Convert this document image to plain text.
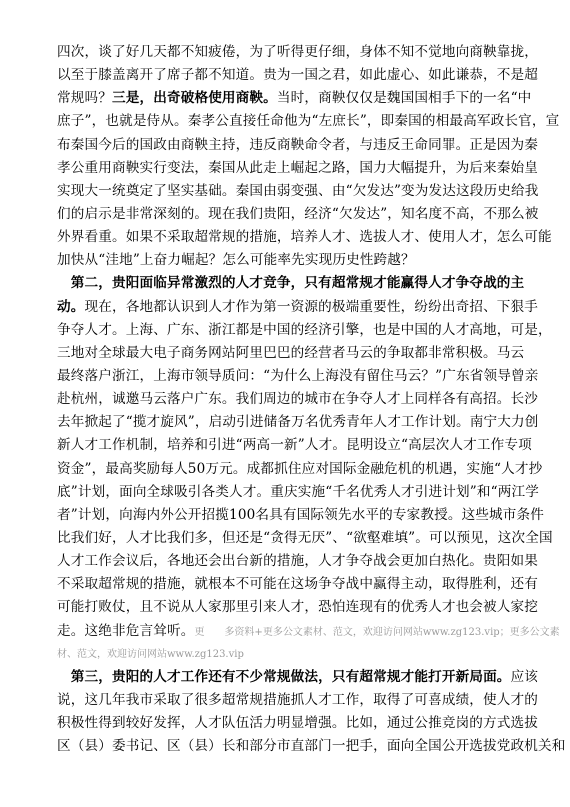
四次，谈了好几天都不知疲倦，为了听得更仔细，身体不知不觉地向商鞅靠拢，
以至于膝盖离开了席子都不知道。贵为一国之君，如此虚心、如此谦恭，不是超
常规吗？三是，出奇破格使用商鞅。当时，商鞅仅仅是魏国国相手下的一名“中
庶子”，也就是侍从。秦孝公直接任命他为“左庶长”，即秦国的相最高军政长官，宣
布秦国今后的国政由商鞅主持，违反商鞅命令者，与违反王命同罪。正是因为秦
孝公重用商鞅实行变法，秦国从此走上崛起之路，国力大幅提升，为后来秦始皇
实现大一统奠定了坚实基础。秦国由弱变强、由“欠发达”变为发达这段历史给我
们的启示是非常深刻的。现在我们贵阳，经济“欠发达”，知名度不高，不那么被
外界看重。如果不采取超常规的措施，培养人才、选拔人才、使用人才，怎么可能
加快从“洼地”上奋力崛起？怎么可能率先实现历史性跨越？
　第二，贵阳面临异常激烈的人才竞争，只有超常规才能赢得人才争夺战的主
动。现在，各地都认识到人才作为第一资源的极端重要性，纷纷出奇招、下狠手
争夺人才。上海、广东、浙江都是中国的经济引擎，也是中国的人才高地，可是，
三地对全球最大电子商务网站阿里巴巴的经营者马云的争取都非常积极。马云
最终落户浙江，上海市领导质问：“为什么上海没有留住马云？”广东省领导曾亲
赴杭州，诚邀马云落户广东。我们周边的城市在争夺人才上同样各有高招。长沙
去年掀起了“揽才旋风”，启动引进储备万名优秀青年人才工作计划。南宁大力创
新人才工作机制，培养和引进“两高一新”人才。昆明设立“高层次人才工作专项
资金”，最高奖励每人50万元。成都抓住应对国际金融危机的机遇，实施“人才抄
底”计划，面向全球吸引各类人才。重庆实施“千名优秀人才引进计划”和“两江学
者”计划，向海内外公开招揽100名具有国际领先水平的专家教授。这些城市条件
比我们好，人才比我们多，但还是“贪得无厌”、“欲壑难填”。可以预见，这次全国
人才工作会议后，各地还会出台新的措施，人才争夺战会更加白热化。贵阳如果
不采取超常规的措施，就根本不可能在这场争夺战中赢得主动，取得胜利，还有
可能打败仗，且不说从人家那里引来人才，恐怕连现有的优秀人才也会被人家挖
走。这绝非危言耸听。更　　多资料+更多公文素材、范文，欢迎访问网站www.zg123.vip；更多公文素
材、范文，欢迎访问网站www.zg123.vip
　第三，贵阳的人才工作还有不少常规做法，只有超常规才能打开新局面。应该
说，这几年我市采取了很多超常规措施抓人才工作，取得了可喜成绩，使人才的
积极性得到较好发挥，人才队伍活力明显增强。比如，通过公推竞岗的方式选拔
区（县）委书记、区（县）长和部分市直部门一把手，面向全国公开选拔党政机关和
